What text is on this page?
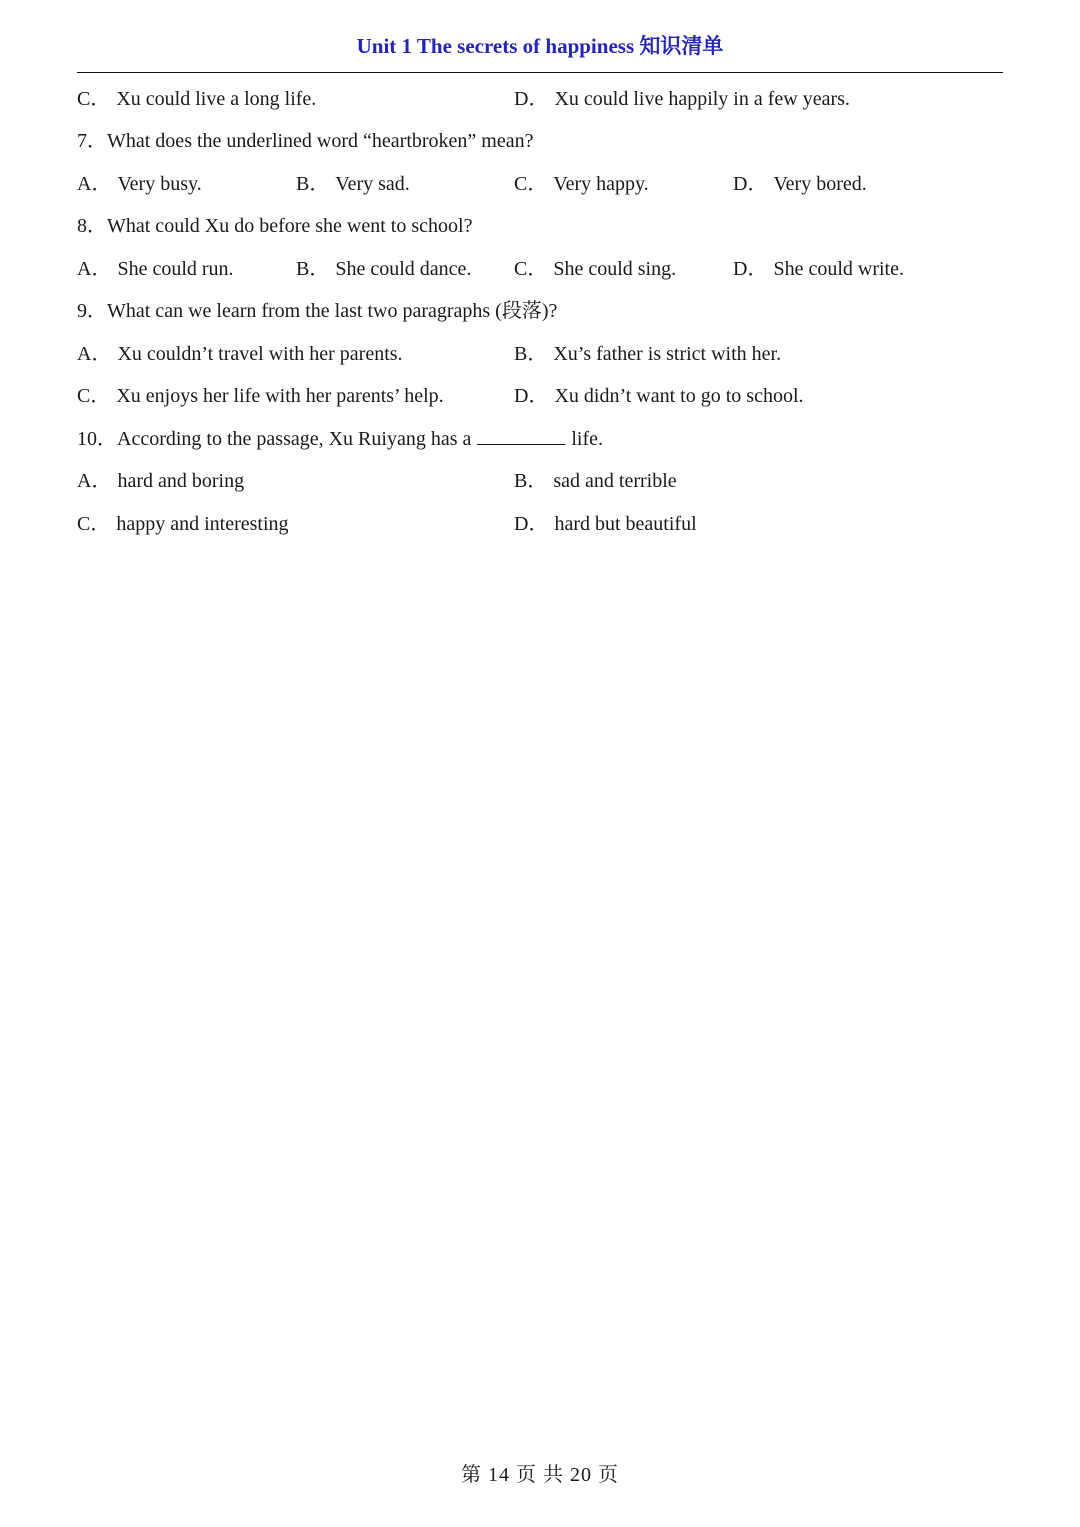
Unit 1 The secrets of happiness 知识清单
C． Xu could live a long life.	D． Xu could live happily in a few years.
7．What does the underlined word “heartbroken” mean?
A． Very busy.	B． Very sad.	C． Very happy.	D． Very bored.
8．What could Xu do before she went to school?
A． She could run.	B． She could dance. C． She could sing.	D． She could write.
9．What can we learn from the last two paragraphs (段落)?
A． Xu couldn’t travel with her parents.	B． Xu’s father is strict with her.
C． Xu enjoys her life with her parents’ help.	D． Xu didn’t want to go to school.
10．According to the passage, Xu Ruiyang has a	life.
A． hard and boring	B． sad and terrible
C． happy and interesting	D． hard but beautiful
第 14 页 共 20 页
